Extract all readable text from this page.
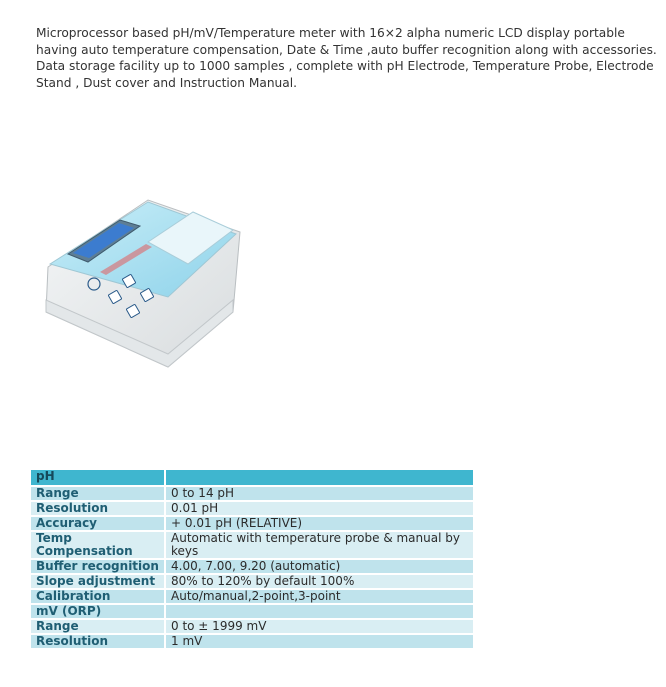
Microprocessor based pH/mV/Temperature meter with 16×2 alpha numeric LCD display portable
having auto temperature compensation, Date & Time ,auto buffer recognition along with accessories.
Data storage facility up to 1000 samples , complete with pH Electrode, Temperature Probe, Electrode
Stand , Dust cover and Instruction Manual.
pH	
Range	0 to 14 pH
Resolution	0.01 pH
Accuracy	+ 0.01 pH (RELATIVE)
Temp Compensation	Automatic with temperature probe & manual by keys
Buffer recognition	4.00, 7.00, 9.20 (automatic)
Slope adjustment	80% to 120% by default 100%
Calibration	Auto/manual,2-point,3-point
mV (ORP)	
Range	0 to ± 1999 mV
Resolution	1 mV
